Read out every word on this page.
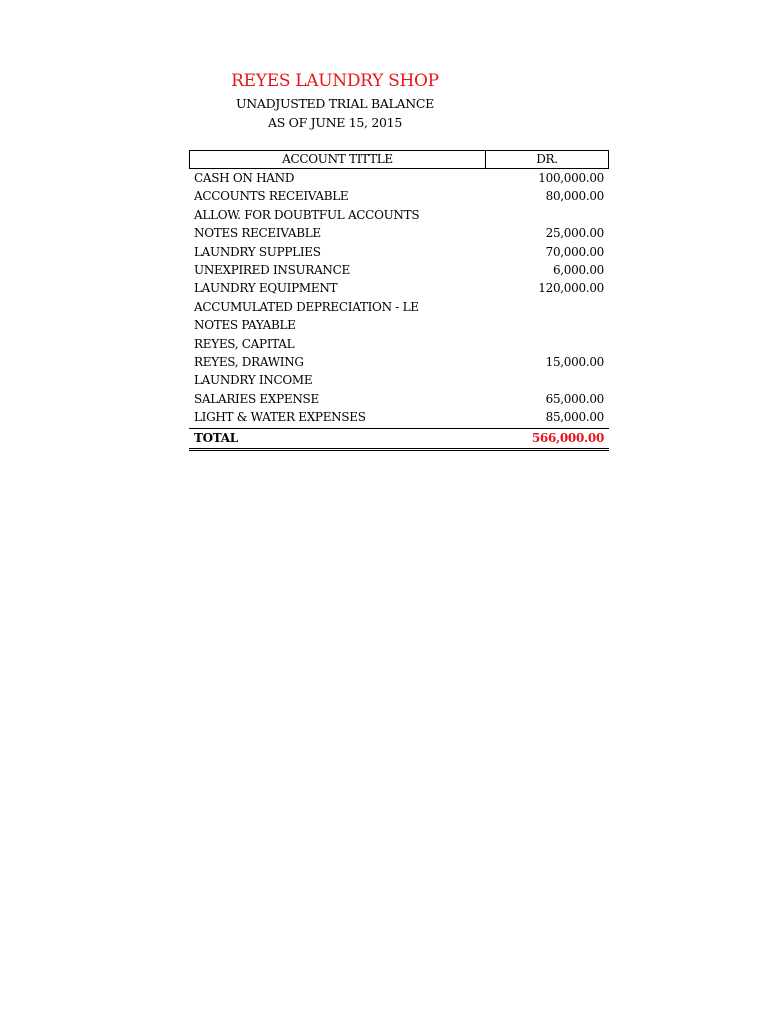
REYES LAUNDRY SHOP
UNADJUSTED TRIAL BALANCE
AS OF JUNE 15, 2015
ACCOUNT TITTLE	DR.
CASH ON HAND	100,000.00
ACCOUNTS RECEIVABLE	80,000.00
ALLOW. FOR DOUBTFUL ACCOUNTS
NOTES RECEIVABLE	25,000.00
LAUNDRY SUPPLIES	70,000.00
UNEXPIRED INSURANCE	6,000.00
LAUNDRY EQUIPMENT	120,000.00
ACCUMULATED DEPRECIATION - LE
NOTES PAYABLE
REYES, CAPITAL
REYES, DRAWING	15,000.00
LAUNDRY INCOME
SALARIES EXPENSE	65,000.00
LIGHT & WATER EXPENSES	85,000.00
TOTAL	566,000.00
